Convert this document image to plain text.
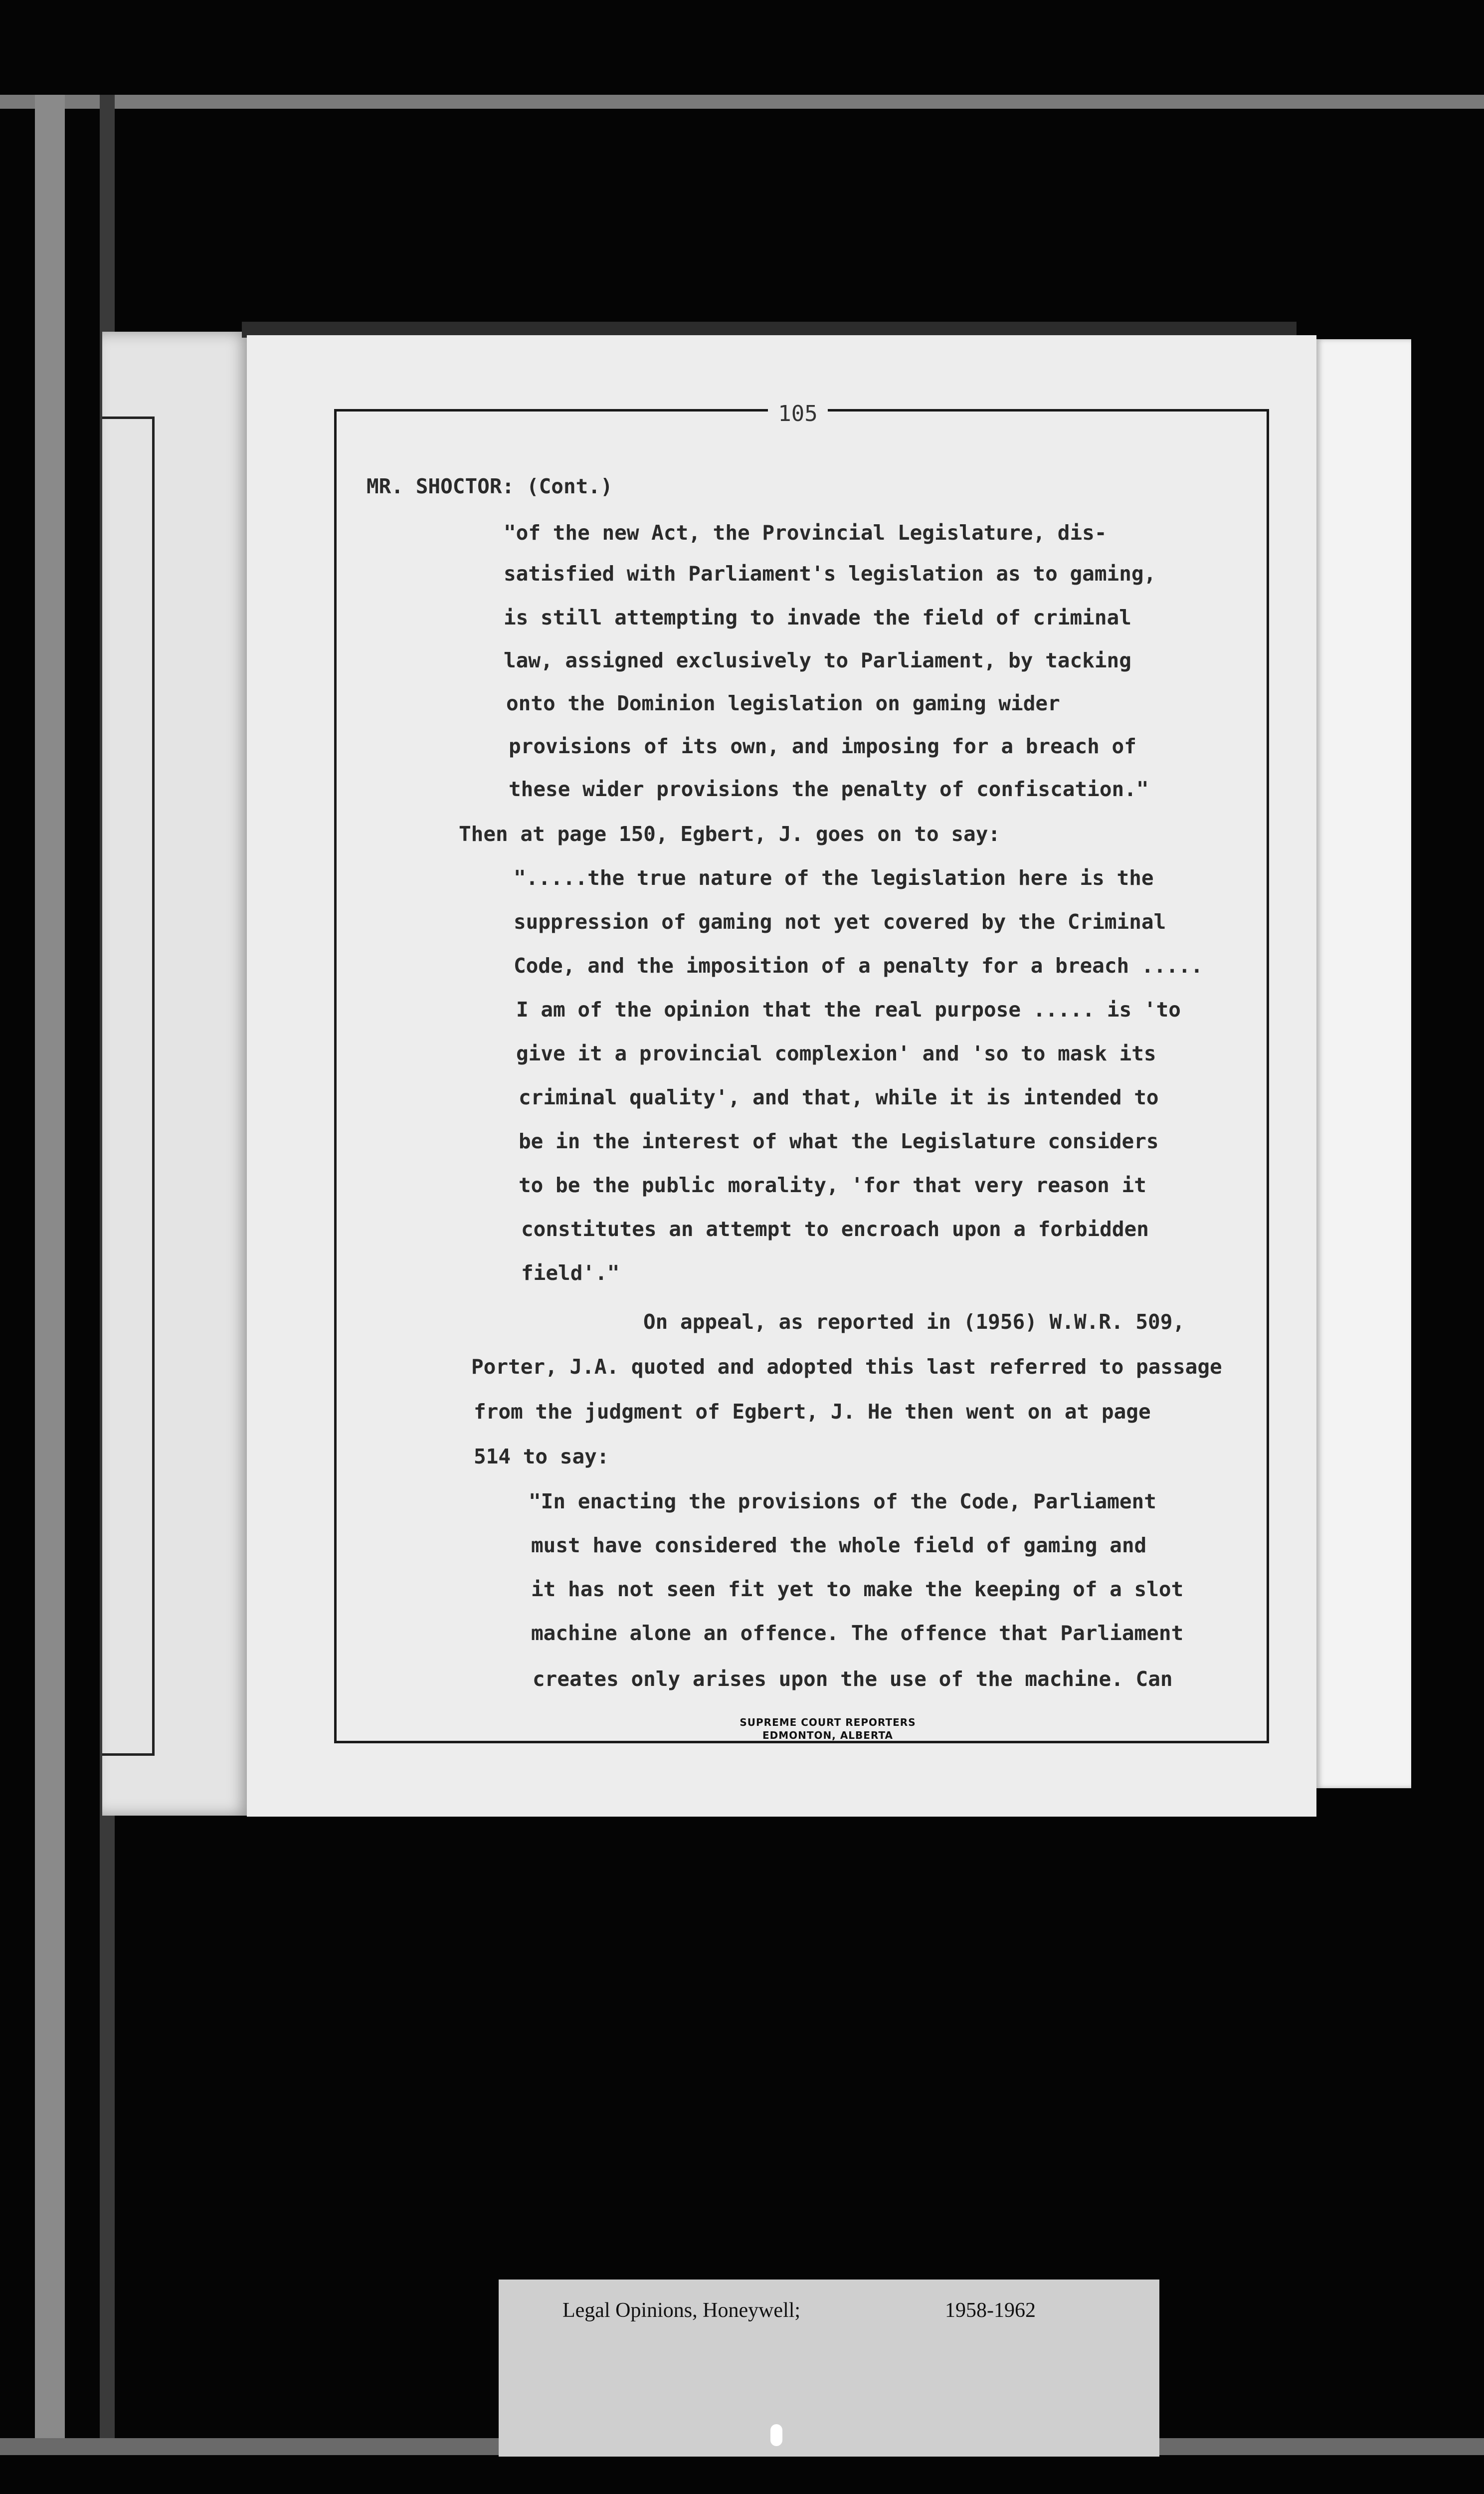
105
MR. SHOCTOR: (Cont.)
"of the new Act, the Provincial Legislature, dis-
satisfied with Parliament's legislation as to gaming,
is still attempting to invade the field of criminal
law, assigned exclusively to Parliament, by tacking
onto the Dominion legislation on gaming wider
provisions of its own, and imposing for a breach of
these wider provisions the penalty of confiscation."
Then at page 150, Egbert, J. goes on to say:
".....the true nature of the legislation here is the
suppression of gaming not yet covered by the Criminal
Code, and the imposition of a penalty for a breach .....
I am of the opinion that the real purpose ..... is 'to
give it a provincial complexion' and 'so to mask its
criminal quality', and that, while it is intended to
be in the interest of what the Legislature considers
to be the public morality, 'for that very reason it
constitutes an attempt to encroach upon a forbidden
field'."
On appeal, as reported in (1956) W.W.R. 509,
Porter, J.A. quoted and adopted this last referred to passage
from the judgment of Egbert, J. He then went on at page
514 to say:
"In enacting the provisions of the Code, Parliament
must have considered the whole field of gaming and
it has not seen fit yet to make the keeping of a slot
machine alone an offence. The offence that Parliament
creates only arises upon the use of the machine. Can
SUPREME COURT REPORTERS
EDMONTON, ALBERTA
Legal Opinions, Honeywell;	1958-1962
